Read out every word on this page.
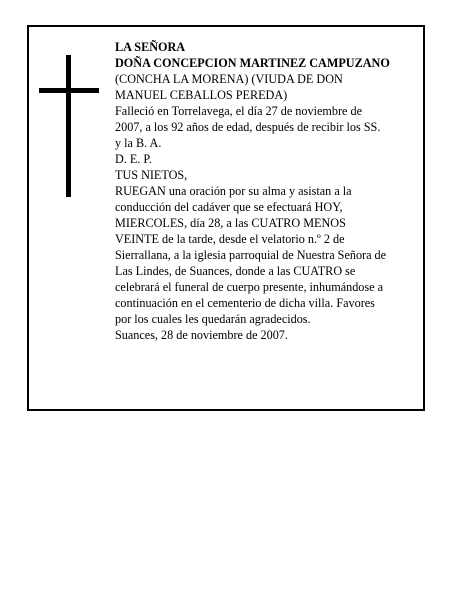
LA SEÑORA
DOÑA CONCEPCION MARTINEZ CAMPUZANO
(CONCHA LA MORENA) (VIUDA DE DON
MANUEL CEBALLOS PEREDA)
Falleció en Torrelavega, el día 27 de noviembre de
2007, a los 92 años de edad, después de recibir los SS.
y la B. A.
D. E. P.
TUS NIETOS,
RUEGAN una oración por su alma y asistan a la
conducción del cadáver que se efectuará HOY,
MIERCOLES, día 28, a las CUATRO MENOS
VEINTE de la tarde, desde el velatorio n.º 2 de
Sierrallana, a la iglesia parroquial de Nuestra Señora de
Las Lindes, de Suances, donde a las CUATRO se
celebrará el funeral de cuerpo presente, inhumándose a
continuación en el cementerio de dicha villa. Favores
por los cuales les quedarán agradecidos.
Suances, 28 de noviembre de 2007.
